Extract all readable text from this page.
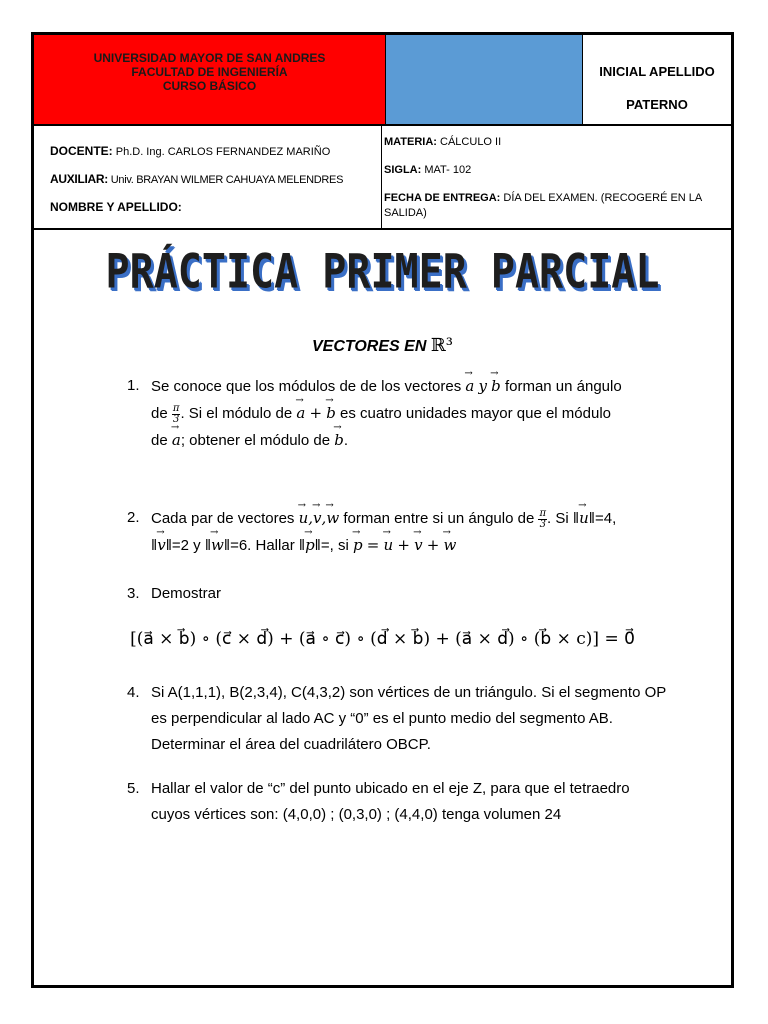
UNIVERSIDAD MAYOR DE SAN ANDRES
FACULTAD DE INGENIERÍA
CURSO BÁSICO
INICIAL APELLIDO
PATERNO
DOCENTE: Ph.D. Ing. CARLOS FERNANDEZ MARIÑO
AUXILIAR: Univ. BRAYAN WILMER CAHUAYA MELENDRES
NOMBRE Y APELLIDO:
MATERIA: CÁLCULO II
SIGLA: MAT- 102
FECHA DE ENTREGA: DÍA DEL EXAMEN. (RECOGERÉ EN LA SALIDA)
PRÁCTICA PRIMER PARCIAL
VECTORES EN ℝ³
1. Se conoce que los módulos de de los vectores a → y b → forman un ángulo
de $\frac{\pi}{3}$ . Si el módulo de a → + b → es cuatro unidades mayor que el módulo
de a →; obtener el módulo de b →.
2. Cada par de vectores u →,v →,w → forman entre si un ángulo de $\frac{\pi}{3}$ . Si ‖u →‖=4,
‖v →‖=2 y ‖w →‖=6. Hallar ‖p →‖=, si p → = u → + v → + w →
3. Demostrar
[(a⃗ × b⃗) ∘ (c⃗ × d⃗) + (a⃗ ∘ c⃗) ∘ (d⃗ × b⃗) + (a⃗ × d⃗) ∘ (b⃗ × c)] = 0⃗
4. Si A(1,1,1), B(2,3,4), C(4,3,2) son vértices de un triángulo. Si el segmento OP es perpendicular al lado AC y “0” es el punto medio del segmento AB. Determinar el área del cuadrilátero OBCP.
5. Hallar el valor de “c” del punto ubicado en el eje Z, para que el tetraedro cuyos vértices son: (4,0,0) ; (0,3,0) ; (4,4,0) tenga volumen 24
